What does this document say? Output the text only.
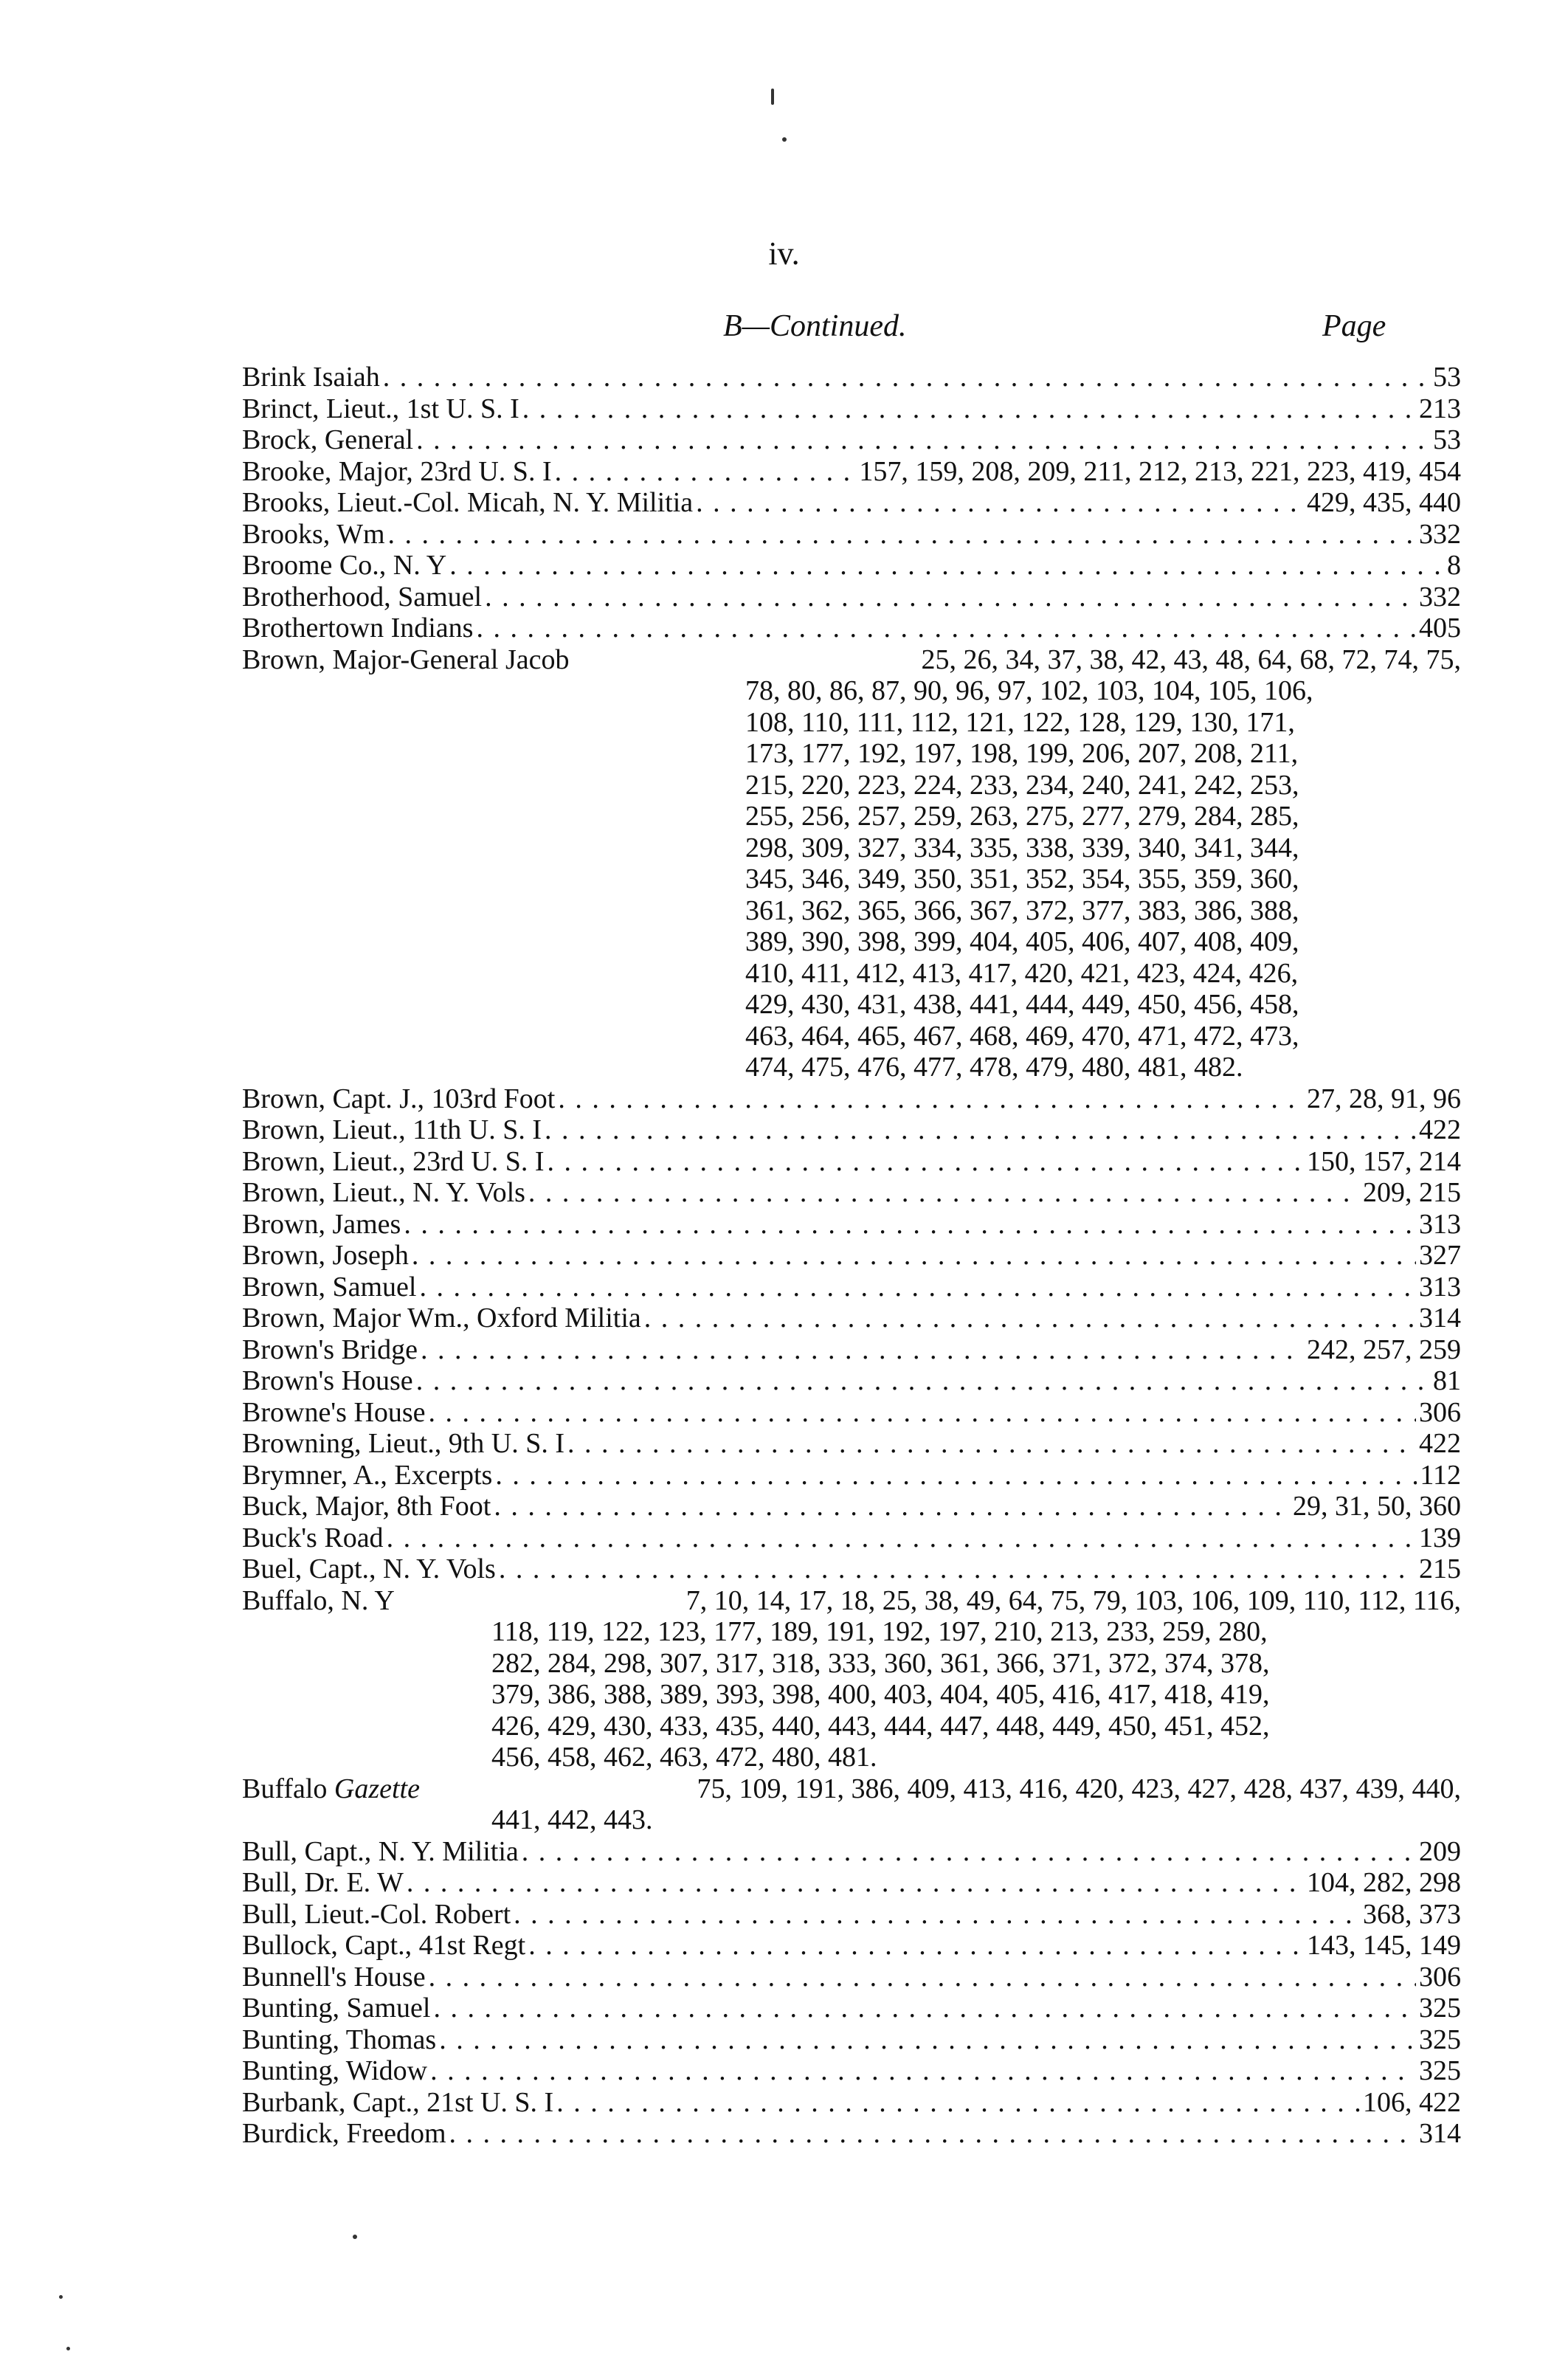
iv.
B—Continued.	Page
Brink Isaiah . . .	53
Brinct, Lieut., 1st U. S. I . . .	213
Brock, General . . .	53
Brooke, Major, 23rd U. S. I . . .	157, 159, 208, 209, 211, 212, 213, 221, 223, 419, 454
Brooks, Lieut.-Col. Micah, N. Y. Militia . . .	429, 435, 440
Brooks, Wm . . .	332
Broome Co., N. Y . . .	8
Brotherhood, Samuel . . .	332
Brothertown Indians . . .	405
Brown, Major-General Jacob	25, 26, 34, 37, 38, 42, 43, 48, 64, 68, 72, 74, 75,
78, 80, 86, 87, 90, 96, 97, 102, 103, 104, 105, 106,
108, 110, 111, 112, 121, 122, 128, 129, 130, 171,
173, 177, 192, 197, 198, 199, 206, 207, 208, 211,
215, 220, 223, 224, 233, 234, 240, 241, 242, 253,
255, 256, 257, 259, 263, 275, 277, 279, 284, 285,
298, 309, 327, 334, 335, 338, 339, 340, 341, 344,
345, 346, 349, 350, 351, 352, 354, 355, 359, 360,
361, 362, 365, 366, 367, 372, 377, 383, 386, 388,
389, 390, 398, 399, 404, 405, 406, 407, 408, 409,
410, 411, 412, 413, 417, 420, 421, 423, 424, 426,
429, 430, 431, 438, 441, 444, 449, 450, 456, 458,
463, 464, 465, 467, 468, 469, 470, 471, 472, 473,
474, 475, 476, 477, 478, 479, 480, 481, 482.
Brown, Capt. J., 103rd Foot . . .	27, 28, 91, 96
Brown, Lieut., 11th U. S. I . . .	422
Brown, Lieut., 23rd U. S. I . . .	150, 157, 214
Brown, Lieut., N. Y. Vols . . .	209, 215
Brown, James . . .	313
Brown, Joseph . . .	327
Brown, Samuel . . .	313
Brown, Major Wm., Oxford Militia . . .	314
Brown's Bridge . . .	242, 257, 259
Brown's House . . .	81
Browne's House . . .	306
Browning, Lieut., 9th U. S. I . . .	422
Brymner, A., Excerpts . . .	112
Buck, Major, 8th Foot . . .	29, 31, 50, 360
Buck's Road . . .	139
Buel, Capt., N. Y. Vols . . .	215
Buffalo, N. Y	7, 10, 14, 17, 18, 25, 38, 49, 64, 75, 79, 103, 106, 109, 110, 112, 116,
118, 119, 122, 123, 177, 189, 191, 192, 197, 210, 213, 233, 259, 280,
282, 284, 298, 307, 317, 318, 333, 360, 361, 366, 371, 372, 374, 378,
379, 386, 388, 389, 393, 398, 400, 403, 404, 405, 416, 417, 418, 419,
426, 429, 430, 433, 435, 440, 443, 444, 447, 448, 449, 450, 451, 452,
456, 458, 462, 463, 472, 480, 481.
Buffalo Gazette	75, 109, 191, 386, 409, 413, 416, 420, 423, 427, 428, 437, 439, 440,
441, 442, 443.
Bull, Capt., N. Y. Militia . . .	209
Bull, Dr. E. W . . .	104, 282, 298
Bull, Lieut.-Col. Robert . . .	368, 373
Bullock, Capt., 41st Regt . . .	143, 145, 149
Bunnell's House . . .	306
Bunting, Samuel . . .	325
Bunting, Thomas . . .	325
Bunting, Widow . . .	325
Burbank, Capt., 21st U. S. I . . .	106, 422
Burdick, Freedom . . .	314
